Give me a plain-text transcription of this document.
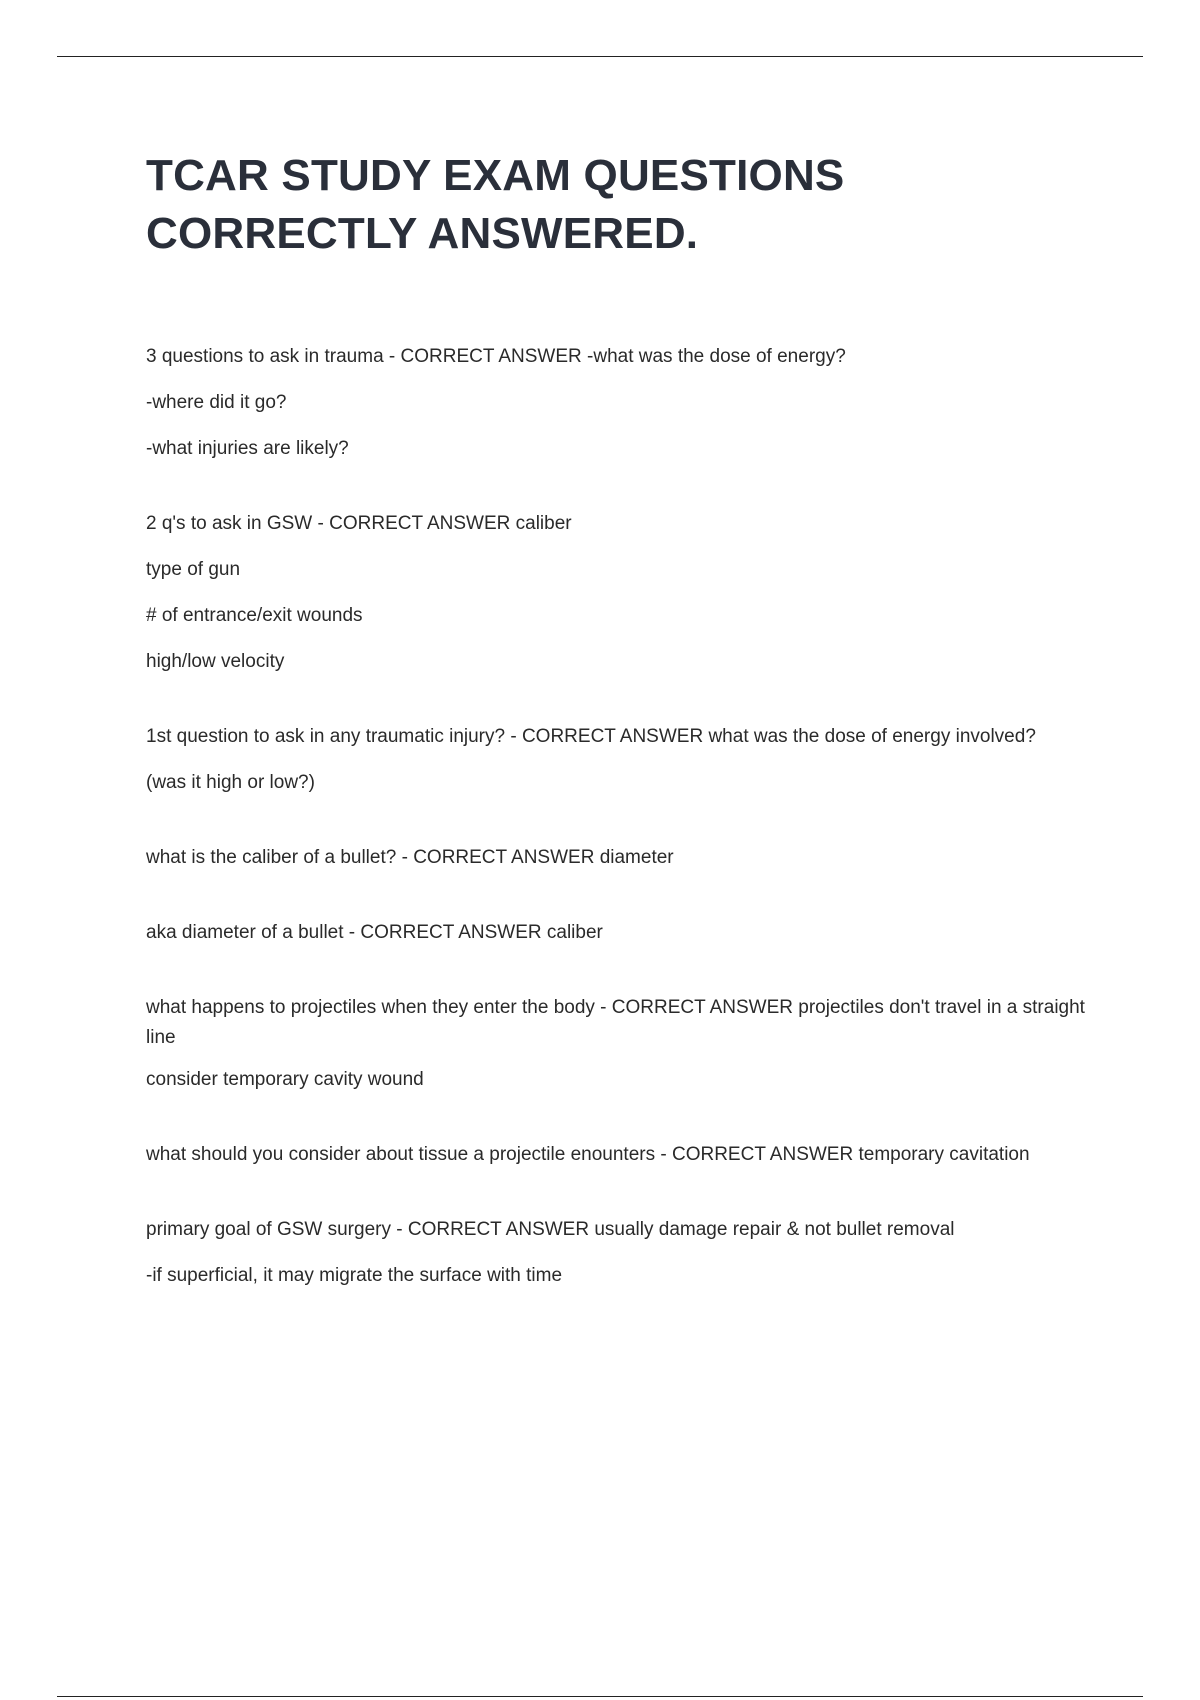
TCAR STUDY EXAM QUESTIONS CORRECTLY ANSWERED.

3 questions to ask in trauma - CORRECT ANSWER -what was the dose of energy?

-where did it go?

-what injuries are likely?

2 q's to ask in GSW - CORRECT ANSWER caliber

type of gun

# of entrance/exit wounds

high/low velocity

1st question to ask in any traumatic injury? - CORRECT ANSWER what was the dose of energy involved?

(was it high or low?)

what is the caliber of a bullet? - CORRECT ANSWER diameter

aka diameter of a bullet - CORRECT ANSWER caliber

what happens to projectiles when they enter the body - CORRECT ANSWER projectiles don't travel in a straight line

consider temporary cavity wound

what should you consider about tissue a projectile enounters - CORRECT ANSWER temporary cavitation

primary goal of GSW surgery - CORRECT ANSWER usually damage repair & not bullet removal

-if superficial, it may migrate the surface with time
